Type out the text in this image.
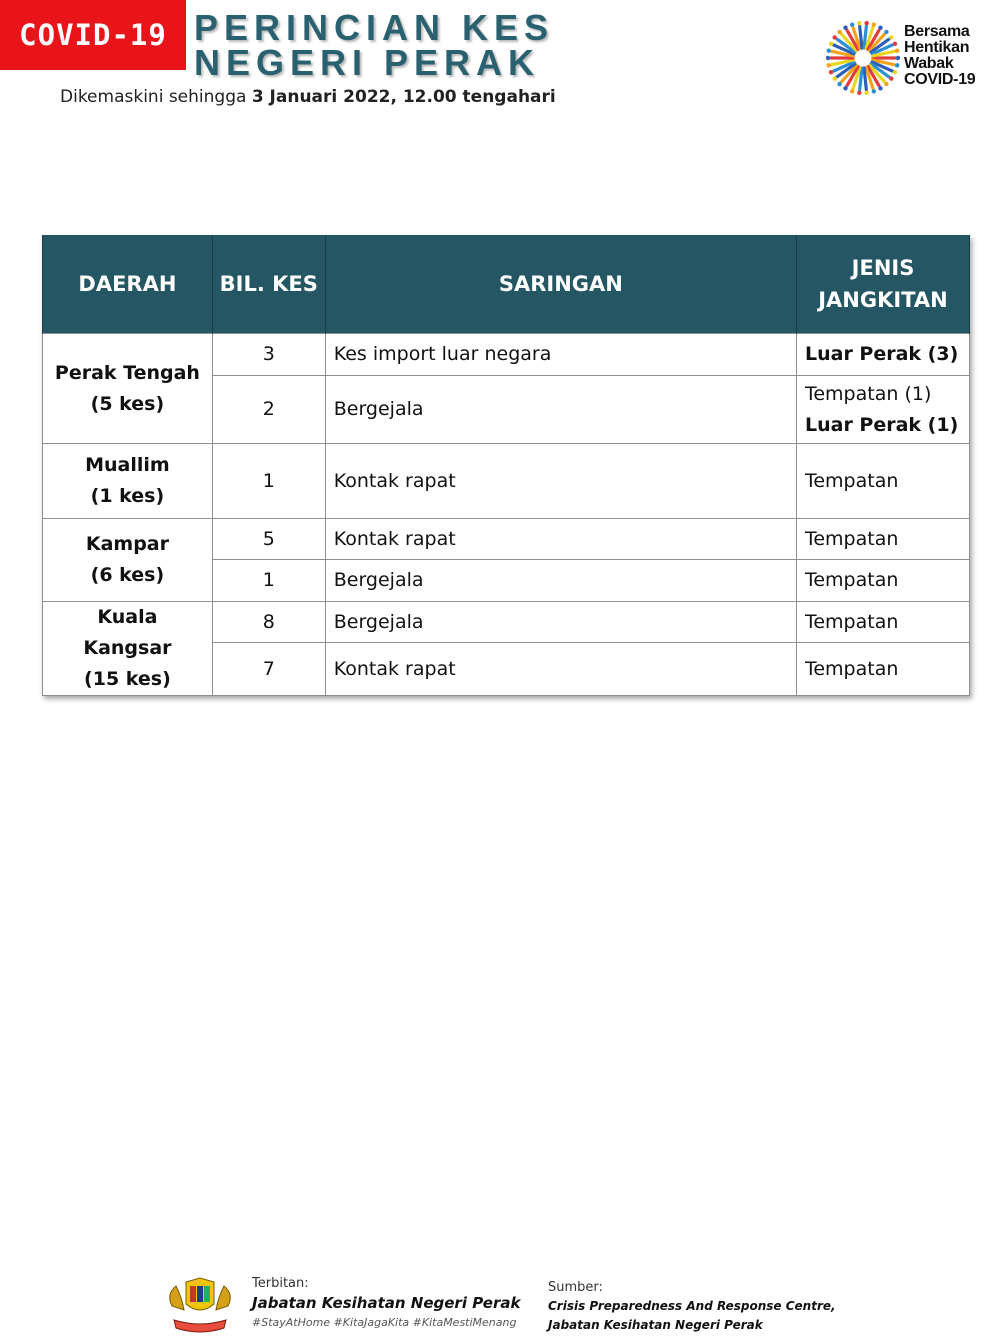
COVID-19 PERINCIAN KES
NEGERI PERAK
Dikemaskini sehingga 3 Januari 2022, 12.00 tengahari
Bersama
Hentikan
Wabak
COVID-19
DAERAH	BIL. KES	SARINGAN	JENIS JANGKITAN

Perak Tengah
(5 kes)	3	Kes import luar negara	Luar Perak (3)

	2	Bergejala	Tempatan (1)
Luar Perak (1)

Muallim
(1 kes)	1	Kontak rapat	Tempatan

Kampar
(6 kes)	5	Kontak rapat	Tempatan

	1	Bergejala	Tempatan

Kuala Kangsar
(15 kes)	8	Bergejala	Tempatan

	7	Kontak rapat	Tempatan
Terbitan:
Jabatan Kesihatan Negeri Perak
#StayAtHome #KitaJagaKita #KitaMestiMenang
Sumber:
Crisis Preparedness And Response Centre,
Jabatan Kesihatan Negeri Perak
